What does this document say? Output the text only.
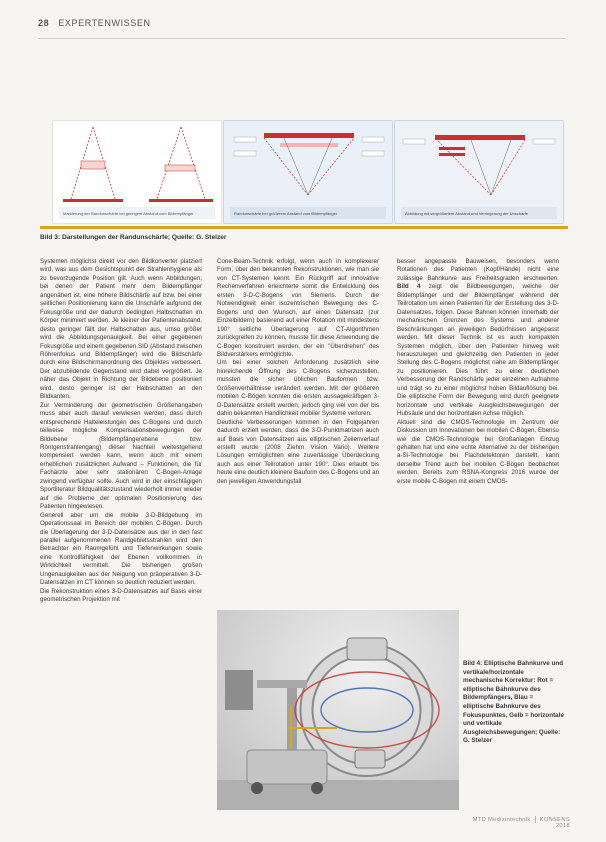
28 EXPERTENWISSEN
Markierung der Randunschärfe bei geringem Abstand vom Bildempfänger	Randunschärfe bei größerem Abstand vom Bildempfänger	Abbildung mit vergrößertem Abstand und Verringerung der Unschärfe
Bild 3: Darstellungen der Randunschärfe; Quelle: G. Stelzer

Systemen möglichst direkt vor den Bildkonverter platziert wird, was aus dem Gesichtspunkt der Strahlenhygiene als zu bevorzugende Position gilt. Auch wenn Abbildungen, bei denen der Patient mehr dem Bildempfänger angenähert ist, eine höhere Bildschärfe auf bzw. bei einer seitlichen Positionierung kann die Unschärfe aufgrund der Fokusgröße und der dadurch bedingten Halbschatten im Körper minimiert werden. Je kleiner der Patientenabstand, desto geringer fällt der Halbschatten aus, umso größer wird die Abbildungsgenauigkeit. Bei einer gegebenen Fokusgröße und einem gegebenen SID (Abstand zwischen Röhrenfokus und Bildempfänger) wird die Bildschärfe durch eine Bildschirmanordnung des Objektes verbessert. Der abzubildende Gegenstand wird dabei vergrößert. Je näher das Objekt in Richtung der Bildebene positioniert wird, desto geringer ist der Halbschatten an den Bildkanten.

Zur Verminderung der geometrischen Größenangaben muss aber auch darauf verwiesen werden, dass durch entsprechende Halteleistungen des C-Bogens und durch teilweise mögliche Kompensationsbewegungen der Bildebene (Bildempfängerebene bzw. Röntgenstrahlengang) dieser Nachteil weitestgehend kompensiert werden kann, wenn auch mit einem erheblichen zusätzlichen Aufwand – Funktionen, die für Fachärzte aber sehr stationären C-Bogen-Anlage zwingend verfügbar sollte. Auch wird in der einschlägigen Sportliteratur Bildqualitätszustand wiederholt immer wieder auf die Probleme der optimalen Positionierung des Patienten hingewiesen.

Generell aber um die mobile 3-D-Bildgebung im Operationssaal im Bereich der mobilen C-Bögen. Durch die Überlagerung der 3-D-Datensätze aus der in den fast parallel aufgenommenen Randgebietsstrahlen wird den Betrachter ein Raumgefühl und Tiefenwirkungen sowie eine Kontrollfähigkeit der Ebenen vollkommen in Wirklichkeit vermittelt. Die bisherigen großen Ungenauigkeiten aus der Neigung von präoperativen 3-D-Datensätzen im CT können so deutlich reduziert werden.

Die Rekonstruktion eines 3-D-Datensatzes auf Basis einer geometrischen Projektion mit

Cone-Beam-Technik erfolgt, wenn auch in komplexerer Form, über den bekannten Rekonstruktionen, wie man sie von CT-Systemen kennt. Ein Rückgriff auf innovative Rechenverfahren erleichterte somit die Entwicklung des ersten 3-D-C-Bogens von Siemens. Durch die Notwendigkeit einer isozentrischen Bewegung des C-Bogens und den Wunsch, auf einen Datensatz (zur Einzelbildern) basierend auf einer Rotation mit mindestens 190° seitliche Überlagerung auf CT-Algorithmen zurückgreifen zu können, musste für diese Anwendung die C-Bogen konstruiert werden, der ein "Überdrehen" des Bildverstärkers ermöglichte.

Um bei einer solchen Anforderung zusätzlich eine hinreichende Öffnung des C-Bogens sicherzustellen, mussten die sicher üblichen Bauformen bzw. Größenverhältnisse verändert werden. Mit der größeren mobilen C-Bögen konnten die ersten aussagekräftigen 3-D-Datensätze erstellt werden, jedoch ging viel von der bis dahin bekannten Handlichkeit mobiler Systeme verloren.

Deutliche Verbesserungen kommen in den Folgejahren dadurch erzielt werden, dass die 3-D-Punktmatrizen auch auf Basis von Datensätzen aus elliptischen Zeilenverlauf erstellt wurde (2008 Ziehm Vision Vario). Weitere Lösungen ermöglichten eine zuverlässige Überdeckung auch aus einer Teilrotation unter 190°. Dies erlaubt bis heute eine deutlich kleinere Bauform des C-Bogens und an den jeweiligen Anwendungsfall

besser angepasste Bauweisen, besonders wenn Rotationen des Patienten (Kopf/Hände) nicht eine zulässige Bahnkurve aus Freiheitsgraden erschwerten. Bild 4 zeigt die Bildbewegungen, welche der Bildempfänger und der Bildempfänger während der Teilrotation um einen Patienten für der Erstellung des 3-D-Datensatzes, folgen. Diese Bahnen können innerhalb der mechanischen Grenzen des Systems und anderer Beschränkungen an jeweiligen Bedürfnissen angepasst werden. Mit dieser Technik ist es auch kompakten Systemen möglich, über den Patienten hinweg weit herauszulegen und gleichzeitig den Patienten in jeder Stellung des C-Bogens möglichst nahe am Bildempfänger zu positionieren. Dies führt zu einer deutlichen Verbesserung der Randschärfe jeder einzelnen Aufnahme und trägt so zu einer möglichst hohen Bildauflösung bei. Die elliptische Form der Bewegung wird durch geeignete horizontale und vertikale Ausgleichsbewegungen der Hubsäule und der horizontalen Achse möglich.

Aktuell sind die CMOS-Technologie im Zentrum der Diskussion um Innovationen bei mobilen C-Bögen. Ebenso wie die CMOS-Technologie bei Großanlagen Einzug gehalten hat und eine echte Alternative zu der bisherigen a-Si-Technologie bei Flachdetektoren darstellt, kann derselbe Trend auch bei mobilen C-Bögen beobachtet werden. Bereits zum RSNA-Kongress 2016 wurde der erste mobile C-Bogen mit einem CMOS-

Bild 4: Elliptische Bahnkurve und vertikale/horizontale mechanische Korrektur: Rot = elliptische Bahnkurve des Bildempfängers, Blau = elliptische Bahnkurve des Fokuspunktes, Gelb = horizontale und vertikale Ausgleichsbewegungen; Quelle: G. Stelzer
MTD Medizintechnik KONSENS 2018
